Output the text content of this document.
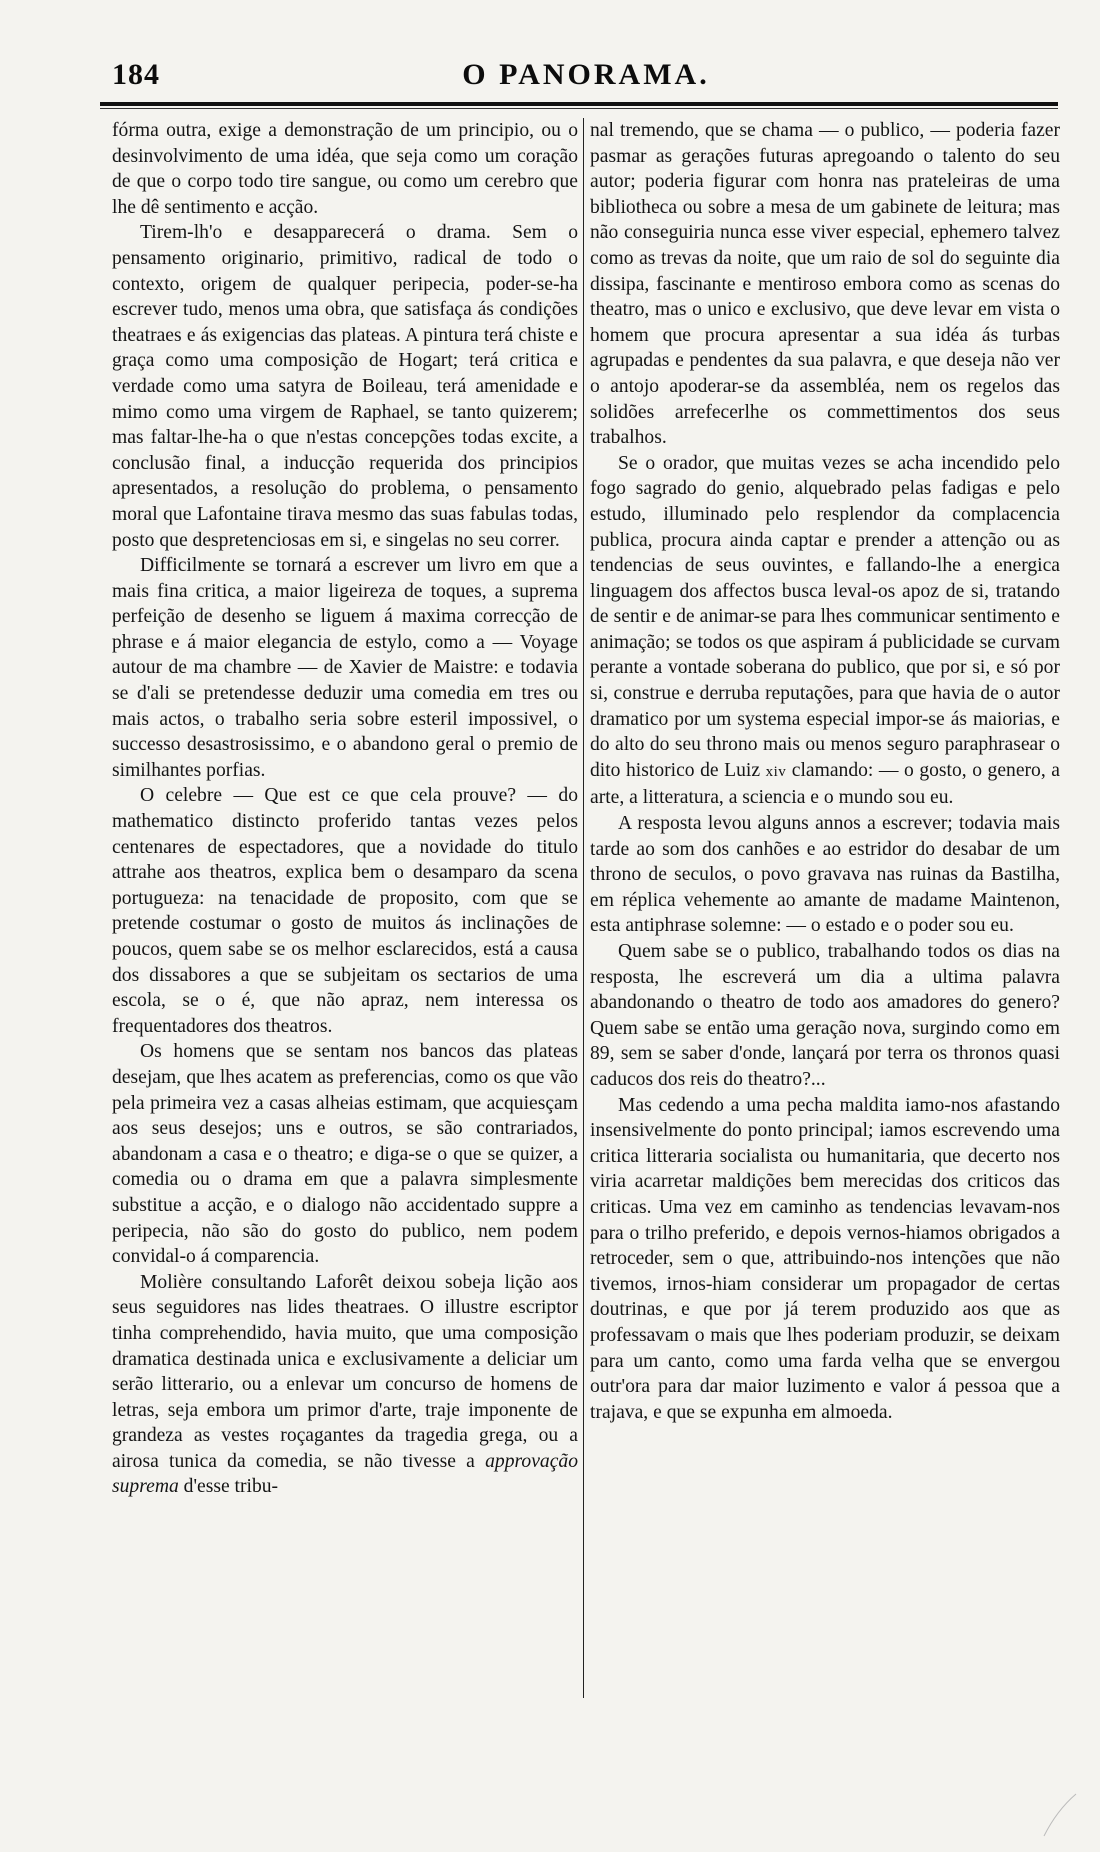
184	O PANORAMA.

fórma outra, exige a demonstração de um principio, ou o desinvolvimento de uma idéa, que seja como um coração de que o corpo todo tire sangue, ou como um cerebro que lhe dê sentimento e acção.

Tirem-lh'o e desapparecerá o drama. Sem o pensamento originario, primitivo, radical de todo o contexto, origem de qualquer peripecia, poder-se-ha escrever tudo, menos uma obra, que satisfaça ás condições theatraes e ás exigencias das plateas. A pintura terá chiste e graça como uma composição de Hogart; terá critica e verdade como uma satyra de Boileau, terá amenidade e mimo como uma virgem de Raphael, se tanto quizerem; mas faltar-lhe-ha o que n'estas concepções todas excite, a conclusão final, a inducção requerida dos principios apresentados, a resolução do problema, o pensamento moral que Lafontaine tirava mesmo das suas fabulas todas, posto que despretenciosas em si, e singelas no seu correr.

Difficilmente se tornará a escrever um livro em que a mais fina critica, a maior ligeireza de toques, a suprema perfeição de desenho se liguem á maxima correcção de phrase e á maior elegancia de estylo, como a — Voyage autour de ma chambre — de Xavier de Maistre: e todavia se d'ali se pretendesse deduzir uma comedia em tres ou mais actos, o trabalho seria sobre esteril impossivel, o successo desastrosissimo, e o abandono geral o premio de similhantes porfias.

O celebre — Que est ce que cela prouve? — do mathematico distincto proferido tantas vezes pelos centenares de espectadores, que a novidade do titulo attrahe aos theatros, explica bem o desamparo da scena portugueza: na tenacidade de proposito, com que se pretende costumar o gosto de muitos ás inclinações de poucos, quem sabe se os melhor esclarecidos, está a causa dos dissabores a que se subjeitam os sectarios de uma escola, se o é, que não apraz, nem interessa os frequentadores dos theatros.

Os homens que se sentam nos bancos das plateas desejam, que lhes acatem as preferencias, como os que vão pela primeira vez a casas alheias estimam, que acquiesçam aos seus desejos; uns e outros, se são contrariados, abandonam a casa e o theatro; e diga-se o que se quizer, a comedia ou o drama em que a palavra simplesmente substitue a acção, e o dialogo não accidentado suppre a peripecia, não são do gosto do publico, nem podem convidal-o á comparencia.

Molière consultando Laforêt deixou sobeja lição aos seus seguidores nas lides theatraes. O illustre escriptor tinha comprehendido, havia muito, que uma composição dramatica destinada unica e exclusivamente a deliciar um serão litterario, ou a enlevar um concurso de homens de letras, seja embora um primor d'arte, traje imponente de grandeza as vestes roçagantes da tragedia grega, ou a airosa tunica da comedia, se não tivesse a approvação suprema d'esse tribu-

nal tremendo, que se chama — o publico, — poderia fazer pasmar as gerações futuras apregoando o talento do seu autor; poderia figurar com honra nas prateleiras de uma bibliotheca ou sobre a mesa de um gabinete de leitura; mas não conseguiria nunca esse viver especial, ephemero talvez como as trevas da noite, que um raio de sol do seguinte dia dissipa, fascinante e mentiroso embora como as scenas do theatro, mas o unico e exclusivo, que deve levar em vista o homem que procura apresentar a sua idéa ás turbas agrupadas e pendentes da sua palavra, e que deseja não ver o antojo apoderar-se da assembléa, nem os regelos das solidões arrefecerlhe os commettimentos dos seus trabalhos.

Se o orador, que muitas vezes se acha incendido pelo fogo sagrado do genio, alquebrado pelas fadigas e pelo estudo, illuminado pelo resplendor da complacencia publica, procura ainda captar e prender a attenção ou as tendencias de seus ouvintes, e fallando-lhe a energica linguagem dos affectos busca leval-os apoz de si, tratando de sentir e de animar-se para lhes communicar sentimento e animação; se todos os que aspiram á publicidade se curvam perante a vontade soberana do publico, que por si, e só por si, construe e derruba reputações, para que havia de o autor dramatico por um systema especial impor-se ás maiorias, e do alto do seu throno mais ou menos seguro paraphrasear o dito historico de Luiz xiv clamando: — o gosto, o genero, a arte, a litteratura, a sciencia e o mundo sou eu.

A resposta levou alguns annos a escrever; todavia mais tarde ao som dos canhões e ao estridor do desabar de um throno de seculos, o povo gravava nas ruinas da Bastilha, em réplica vehemente ao amante de madame Maintenon, esta antiphrase solemne: — o estado e o poder sou eu.

Quem sabe se o publico, trabalhando todos os dias na resposta, lhe escreverá um dia a ultima palavra abandonando o theatro de todo aos amadores do genero? Quem sabe se então uma geração nova, surgindo como em 89, sem se saber d'onde, lançará por terra os thronos quasi caducos dos reis do theatro?...

Mas cedendo a uma pecha maldita iamo-nos afastando insensivelmente do ponto principal; iamos escrevendo uma critica litteraria socialista ou humanitaria, que decerto nos viria acarretar maldições bem merecidas dos criticos das criticas. Uma vez em caminho as tendencias levavam-nos para o trilho preferido, e depois vernos-hiamos obrigados a retroceder, sem o que, attribuindo-nos intenções que não tivemos, irnos-hiam considerar um propagador de certas doutrinas, e que por já terem produzido aos que as professavam o mais que lhes poderiam produzir, se deixam para um canto, como uma farda velha que se envergou outr'ora para dar maior luzimento e valor á pessoa que a trajava, e que se expunha em almoeda.
